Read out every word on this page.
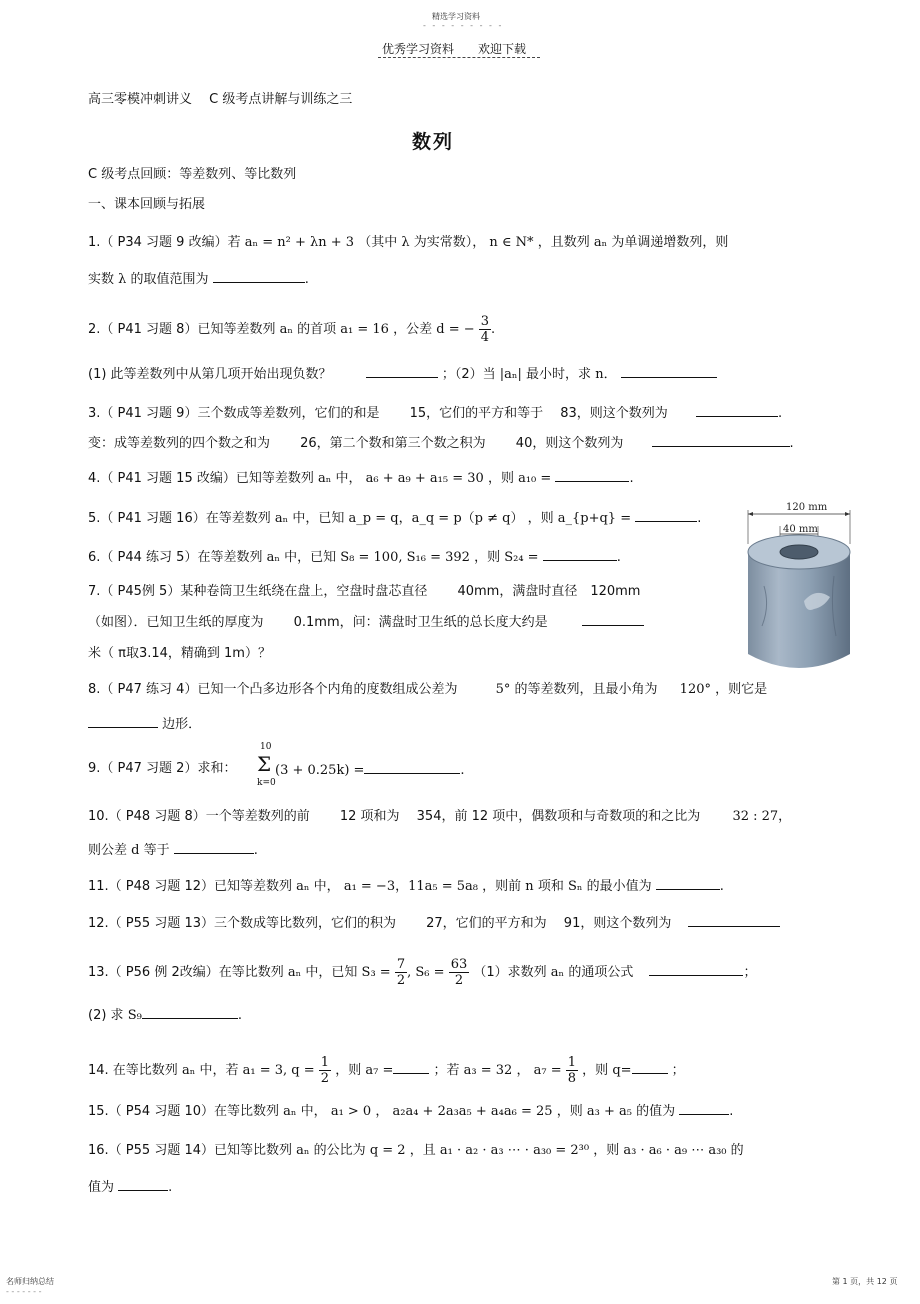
精选学习资料
- - - - - - - - -
优秀学习资料　　欢迎下载
高三零模冲刺讲义　 C 级考点讲解与训练之三
数列
C 级考点回顾：等差数列、等比数列
一、课本回顾与拓展
1.（ P34 习题 9 改编）若 aₙ = n² + λn + 3 （其中 λ 为实常数）， n ∈ N* ，且数列 aₙ 为单调递增数列，则
实数 λ 的取值范围为	.
2.（ P41 习题 8）已知等差数列 aₙ 的首项 a₁ = 16 ，公差 d = − $\frac{3}{4}$ .
(1) 此等差数列中从第几项开始出现负数？	；（2）当 |aₙ| 最小时，求 n．
3.（ P41 习题 9）三个数成等差数列，它们的和是　　 15，它们的平方和等于　 83，则这个数列为	.
变：成等差数列的四个数之和为　　 26，第二个数和第三个数之积为　　 40，则这个数列为	.
4.（ P41 习题 15 改编）已知等差数列 aₙ 中， a₆ + a₉ + a₁₅ = 30 ，则 a₁₀ =	.
5.（ P41 习题 16）在等差数列 aₙ 中，已知 a_p = q，a_q = p（p ≠ q） ，则 a_{p+q} =	.
6.（ P44 练习 5）在等差数列 aₙ 中，已知 S₈ = 100, S₁₆ = 392 ，则 S₂₄ =	.
120 mm
40 mm
7.（ P45例 5）某种卷筒卫生纸绕在盘上，空盘时盘芯直径　　 40mm，满盘时直径　120mm
（如图）．已知卫生纸的厚度为　　 0.1mm，问：满盘时卫生纸的总长度大约是
米（ π取3.14，精确到 1m）？
8.（ P47 练习 4）已知一个凸多边形各个内角的度数组成公差为	5° 的等差数列，且最小角为 120° ，则它是
边形．
9.（ P47 习题 2）求和：
10
Σ
k=0
(3 + 0.25k) =	.
10.（ P48 习题 8）一个等差数列的前　　 12 项和为　 354，前 12 项中，偶数项和与奇数项的和之比为 32 : 27，
则公差 d 等于	.
11.（ P48 习题 12）已知等差数列 aₙ 中， a₁ = −3，11a₅ = 5a₈ ，则前 n 项和 Sₙ 的最小值为	.
12.（ P55 习题 13）三个数成等比数列，它们的积为　　 27，它们的平方和为　 91，则这个数列为
13.（ P56 例 2改编）在等比数列 aₙ 中，已知 $S_3 = \frac{7}{2}$ , $S_6 = \frac{63}{2} (1)$求数列 aₙ 的通项公式	；
(2) 求 S₉	.
14. 在等比数列 aₙ 中，若 a₁ = 3, $q = \frac{1}{2}$ ，则 a₇ =	；若 a₃ = 32 ， $a_7 = \frac{1}{8}$ ，则 q=	；
15.（ P54 习题 10）在等比数列 aₙ 中， a₁ > 0 ， a₂a₄ + 2a₃a₅ + a₄a₆ = 25 ，则 a₃ + a₅ 的值为	.
16.（ P55 习题 14）已知等比数列 aₙ 的公比为 q = 2 ，且 a₁ · a₂ · a₃ ⋯ · a₃₀ = 2³⁰ ，则 a₃ · a₆ · a₉ ⋯ a₃₀ 的
值为	.
名师归纳总结
- - - - - - -
第 1 页，共 12 页
